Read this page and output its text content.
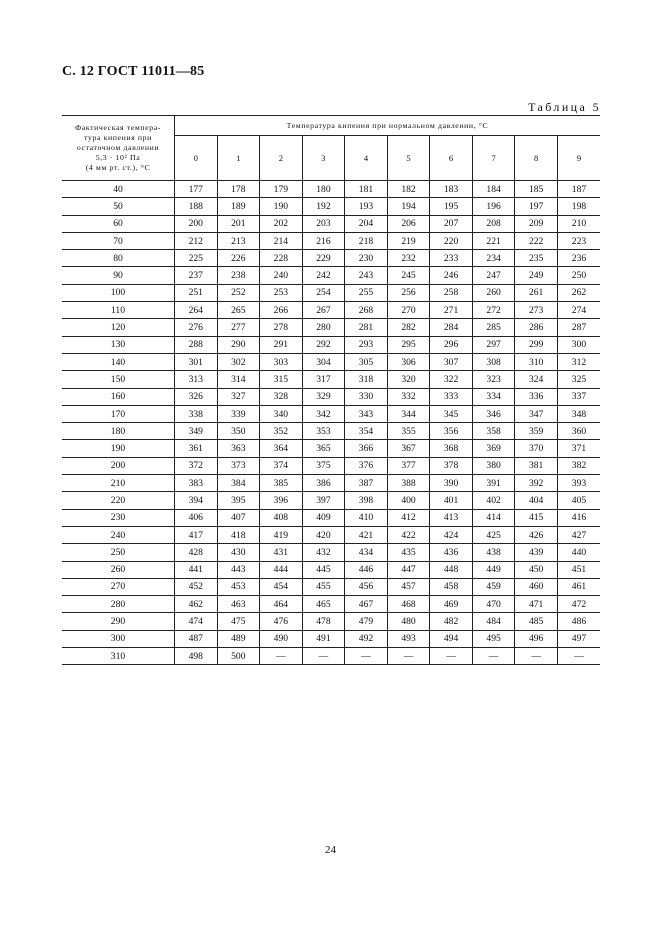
С. 12 ГОСТ 11011—85
Таблица 5
Фактическая темпера-
тура кипения при
остаточном давлении
5,3 · 10² Па
(4 мм рт. ст.), °С	Температура кипения при нормальном давлении, °С									
	0	1	2	3	4	5	6	7	8	9
40	177	178	179	180	181	182	183	184	185	187
50	188	189	190	192	193	194	195	196	197	198
60	200	201	202	203	204	206	207	208	209	210
70	212	213	214	216	218	219	220	221	222	223
80	225	226	228	229	230	232	233	234	235	236
90	237	238	240	242	243	245	246	247	249	250
100	251	252	253	254	255	256	258	260	261	262
110	264	265	266	267	268	270	271	272	273	274
120	276	277	278	280	281	282	284	285	286	287
130	288	290	291	292	293	295	296	297	299	300
140	301	302	303	304	305	306	307	308	310	312
150	313	314	315	317	318	320	322	323	324	325
160	326	327	328	329	330	332	333	334	336	337
170	338	339	340	342	343	344	345	346	347	348
180	349	350	352	353	354	355	356	358	359	360
190	361	363	364	365	366	367	368	369	370	371
200	372	373	374	375	376	377	378	380	381	382
210	383	384	385	386	387	388	390	391	392	393
220	394	395	396	397	398	400	401	402	404	405
230	406	407	408	409	410	412	413	414	415	416
240	417	418	419	420	421	422	424	425	426	427
250	428	430	431	432	434	435	436	438	439	440
260	441	443	444	445	446	447	448	449	450	451
270	452	453	454	455	456	457	458	459	460	461
280	462	463	464	465	467	468	469	470	471	472
290	474	475	476	478	479	480	482	484	485	486
300	487	489	490	491	492	493	494	495	496	497
310	498	500	—	—	—	—	—	—	—	—
24
